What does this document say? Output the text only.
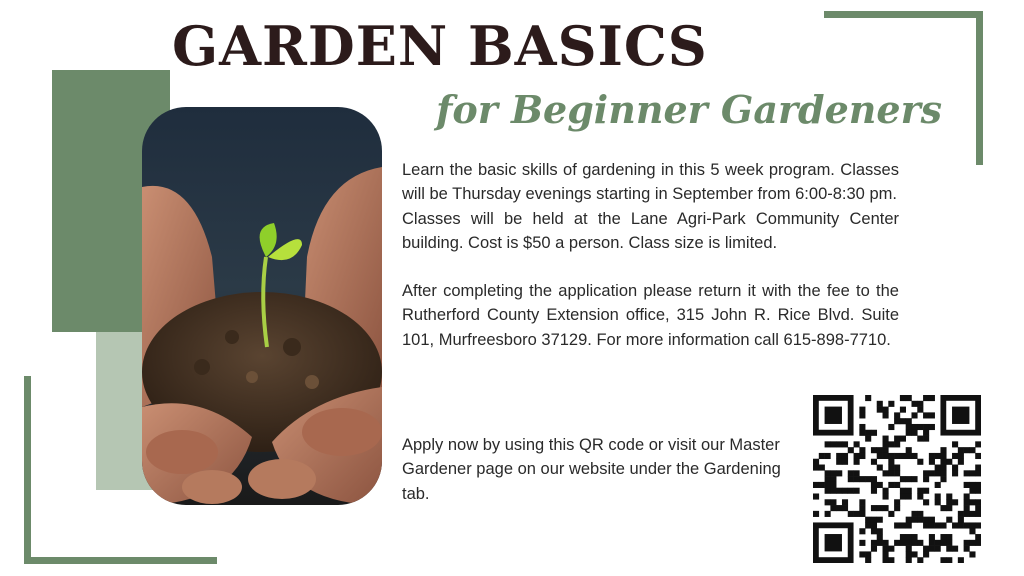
GARDEN BASICS
for Beginner Gardeners

Learn the basic skills of gardening in this 5 week program. Classes will be Thursday evenings starting in September from 6:00-8:30 pm.

Classes will be held at the Lane Agri-Park Community Center building. Cost is $50 a person. Class size is limited.

After completing the application please return it with the fee to the Rutherford County Extension office, 315 John R. Rice Blvd. Suite 101, Murfreesboro 37129. For more information call 615-898-7710.

Apply now by using this QR code or visit our Master Gardener page on our website under the Gardening tab.
